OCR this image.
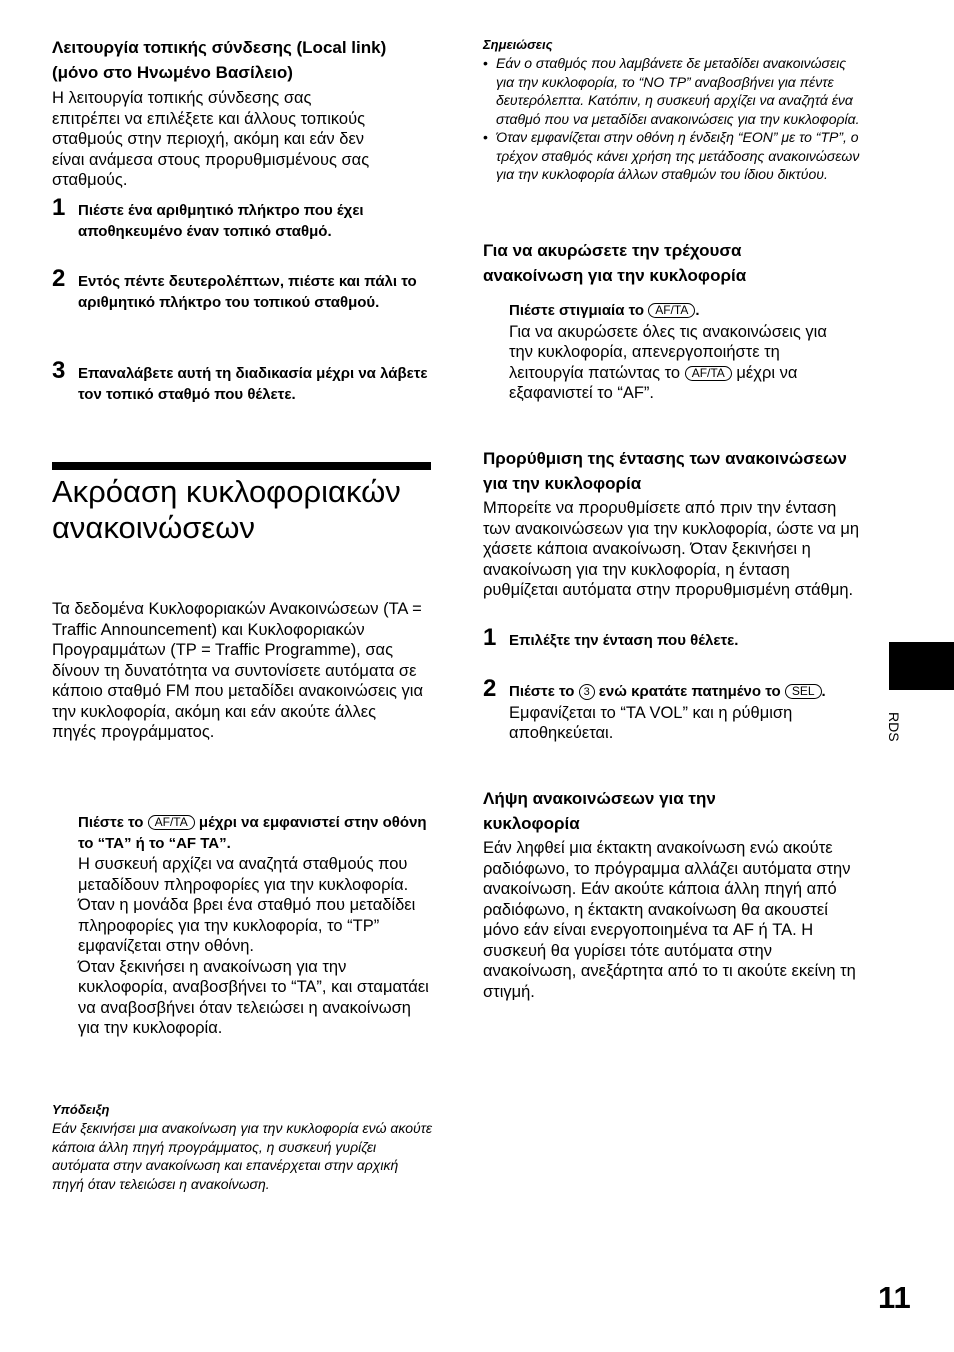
Λειτουργία τοπικής σύνδεσης (Local link) (μόνο στο Ηνωμένο Βασίλειο)
Η λειτουργία τοπικής σύνδεσης σας επιτρέπει να επιλέξετε και άλλους τοπικούς σταθμούς στην περιοχή, ακόμη και εάν δεν είναι ανάμεσα στους προρυθμισμένους σας σταθμούς.
1 Πιέστε ένα αριθμητικό πλήκτρο που έχει αποθηκευμένο έναν τοπικό σταθμό.
2 Εντός πέντε δευτερολέπτων, πιέστε και πάλι το αριθμητικό πλήκτρο του τοπικού σταθμού.
3 Επαναλάβετε αυτή τη διαδικασία μέχρι να λάβετε τον τοπικό σταθμό που θέλετε.
Ακρόαση κυκλοφοριακών ανακοινώσεων
Τα δεδομένα Κυκλοφοριακών Ανακοινώσεων (TA = Traffic Announcement) και Κυκλοφοριακών Προγραμμάτων (TP = Traffic Programme), σας δίνουν τη δυνατότητα να συντονίσετε αυτόματα σε κάποιο σταθμό FM που μεταδίδει ανακοινώσεις για την κυκλοφορία, ακόμη και εάν ακούτε άλλες πηγές προγράμματος.
Πιέστε το AF/TA μέχρι να εμφανιστεί στην οθόνη το “TA” ή το “AF TA”.
Η συσκευή αρχίζει να αναζητά σταθμούς που μεταδίδουν πληροφορίες για την κυκλοφορία. Όταν η μονάδα βρει ένα σταθμό που μεταδίδει πληροφορίες για την κυκλοφορία, το “TP” εμφανίζεται στην οθόνη.
Όταν ξεκινήσει η ανακοίνωση για την κυκλοφορία, αναβοσβήνει το “TA”, και σταματάει να αναβοσβήνει όταν τελειώσει η ανακοίνωση για την κυκλοφορία.
Υπόδειξη
Εάν ξεκινήσει μια ανακοίνωση για την κυκλοφορία ενώ ακούτε κάποια άλλη πηγή προγράμματος, η συσκευή γυρίζει αυτόματα στην ανακοίνωση και επανέρχεται στην αρχική πηγή όταν τελειώσει η ανακοίνωση.
Σημειώσεις
• Εάν ο σταθμός που λαμβάνετε δε μεταδίδει ανακοινώσεις για την κυκλοφορία, το “NO TP” αναβοσβήνει για πέντε δευτερόλεπτα. Κατόπιν, η συσκευή αρχίζει να αναζητά ένα σταθμό που να μεταδίδει ανακοινώσεις για την κυκλοφορία.
• Όταν εμφανίζεται στην οθόνη η ένδειξη “EON” με το “TP”, ο τρέχον σταθμός κάνει χρήση της μετάδοσης ανακοινώσεων για την κυκλοφορία άλλων σταθμών του ίδιου δικτύου.
Για να ακυρώσετε την τρέχουσα ανακοίνωση για την κυκλοφορία
Πιέστε στιγμιαία το AF/TA .
Για να ακυρώσετε όλες τις ανακοινώσεις για την κυκλοφορία, απενεργοποιήστε τη λειτουργία πατώντας το AF/TA μέχρι να εξαφανιστεί το “AF”.
Προρύθμιση της έντασης των ανακοινώσεων για την κυκλοφορία
Μπορείτε να προρυθμίσετε από πριν την ένταση των ανακοινώσεων για την κυκλοφορία, ώστε να μη χάσετε κάποια ανακοίνωση. Όταν ξεκινήσει η ανακοίνωση για την κυκλοφορία, η ένταση ρυθμίζεται αυτόματα στην προρυθμισμένη στάθμη.
1 Επιλέξτε την ένταση που θέλετε.
2 Πιέστε το 3 ενώ κρατάτε πατημένο το SEL .
Εμφανίζεται το “TA VOL” και η ρύθμιση αποθηκεύεται.
Λήψη ανακοινώσεων για την κυκλοφορία
Εάν ληφθεί μια έκτακτη ανακοίνωση ενώ ακούτε ραδιόφωνο, το πρόγραμμα αλλάζει αυτόματα στην ανακοίνωση. Εάν ακούτε κάποια άλλη πηγή από ραδιόφωνο, η έκτακτη ανακοίνωση θα ακουστεί μόνο εάν είναι ενεργοποιημένα τα AF ή TA. Η συσκευή θα γυρίσει τότε αυτόματα στην ανακοίνωση, ανεξάρτητα από το τι ακούτε εκείνη τη στιγμή.
RDS
11
